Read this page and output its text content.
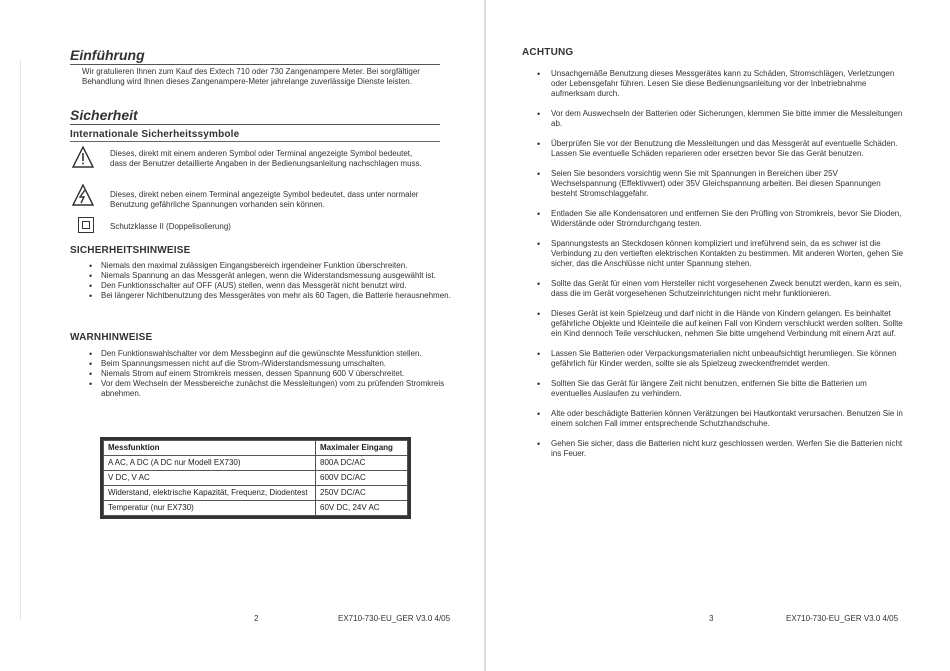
Einführung
Wir gratulieren Ihnen zum Kauf des Extech 710 oder 730 Zangenampere Meter. Bei sorgfältiger Behandlung wird Ihnen dieses Zangenampere-Meter jahrelange zuverlässige Dienste leisten.
Sicherheit
Internationale Sicherheitssymbole
Dieses, direkt mit einem anderen Symbol oder Terminal angezeigte Symbol bedeutet, dass der Benutzer detaillierte Angaben in der Bedienungsanleitung nachschlagen muss.
Dieses, direkt neben einem Terminal angezeigte Symbol bedeutet, dass unter normaler Benutzung gefährliche Spannungen vorhanden sein können.
Schutzklasse II (Doppelisolierung)
SICHERHEITSHINWEISE
• Niemals den maximal zulässigen Eingangsbereich irgendeiner Funktion überschreiten.
• Niemals Spannung an das Messgerät anlegen, wenn die Widerstandsmessung ausgewählt ist.
• Den Funktionsschalter auf OFF (AUS) stellen, wenn das Messgerät nicht benutzt wird.
• Bei längerer Nichtbenutzung des Messgerätes von mehr als 60 Tagen, die Batterie herausnehmen.
WARNHINWEISE
• Den Funktionswahlschalter vor dem Messbeginn auf die gewünschte Messfunktion stellen.
• Beim Spannungsmessen nicht auf die Strom-/Widerstandsmessung umschalten.
• Niemals Strom auf einem Stromkreis messen, dessen Spannung 600 V überschreitet.
• Vor dem Wechseln der Messbereiche zunächst die Messleitungen) vom zu prüfenden Stromkreis abnehmen.
Messfunktion	Maximaler Eingang
A AC, A DC (A DC nur Modell EX730)	800A DC/AC
V DC, V AC	600V DC/AC
Widerstand, elektrische Kapazität, Frequenz, Diodentest	250V DC/AC
Temperatur (nur EX730)	60V DC, 24V AC
2	EX710-730-EU_GER V3.0 4/05
ACHTUNG
• Unsachgemäße Benutzung dieses Messgerätes kann zu Schäden, Stromschlägen, Verletzungen oder Lebensgefahr führen. Lesen Sie diese Bedienungsanleitung vor der Inbetriebnahme aufmerksam durch.
• Vor dem Auswechseln der Batterien oder Sicherungen, klemmen Sie bitte immer die Messleitungen ab.
• Überprüfen Sie vor der Benutzung die Messleitungen und das Messgerät auf eventuelle Schäden. Lassen Sie eventuelle Schäden reparieren oder ersetzen bevor Sie das Gerät benutzen.
• Seien Sie besonders vorsichtig wenn Sie mit Spannungen in Bereichen über 25V Wechselspannung (Effektivwert) oder 35V Gleichspannung arbeiten. Bei diesen Spannungen besteht Stromschlaggefahr.
• Entladen Sie alle Kondensatoren und entfernen Sie den Prüfling von Stromkreis, bevor Sie Dioden, Widerstände oder Stromdurchgang testen.
• Spannungstests an Steckdosen können kompliziert und irreführend sein, da es schwer ist die Verbindung zu den vertieften elektrischen Kontakten zu bestimmen. Mit anderen Worten, gehen Sie sicher, das die Anschlüsse nicht unter Spannung stehen.
• Sollte das Gerät für einen vom Hersteller nicht vorgesehenen Zweck benutzt werden, kann es sein, dass die im Gerät vorgesehenen Schutzeinrichtungen nicht mehr funktionieren.
• Dieses Gerät ist kein Spielzeug und darf nicht in die Hände von Kindern gelangen. Es beinhaltet gefährliche Objekte und Kleinteile die auf keinen Fall von Kindern verschluckt werden sollten. Sollte ein Kind dennoch Teile verschlucken, nehmen Sie bitte umgehend Verbindung mit einem Arzt auf.
• Lassen Sie Batterien oder Verpackungsmaterialien nicht unbeaufsichtigt herumliegen. Sie können gefährlich für Kinder werden, sollte sie als Spielzeug zweckentfremdet werden.
• Sollten Sie das Gerät für längere Zeit nicht benutzen, entfernen Sie bitte die Batterien um eventuelles Auslaufen zu verhindern.
• Alte oder beschädigte Batterien können Verätzungen bei Hautkontakt verursachen. Benutzen Sie in einem solchen Fall immer entsprechende Schutzhandschuhe.
• Gehen Sie sicher, dass die Batterien nicht kurz geschlossen werden. Werfen Sie die Batterien nicht ins Feuer.
3	EX710-730-EU_GER V3.0 4/05
